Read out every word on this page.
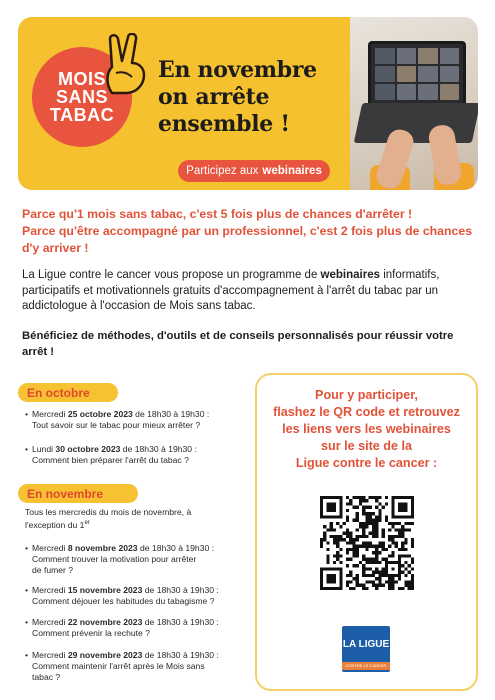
MOIS
SANS
TABAC
En novembre
on arrête
ensemble !
Participez aux webinaires

Parce qu'1 mois sans tabac, c'est 5 fois plus de chances d'arrêter !

Parce qu'être accompagné par un professionnel, c'est 2 fois plus de chances d'y arriver !

La Ligue contre le cancer vous propose un programme de webinaires informatifs, participatifs et motivationnels gratuits d'accompagnement à l'arrêt du tabac par un addictologue à l'occasion de Mois sans tabac.
Bénéficiez de méthodes, d'outils et de conseils personnalisés pour réussir votre arrêt !
En octobre
• Mercredi 25 octobre 2023 de 18h30 à 19h30 :
Tout savoir sur le tabac pour mieux arrêter ?
• Lundi 30 octobre 2023 de 18h30 à 19h30 :
Comment bien préparer l'arrêt du tabac ?
En novembre
Tous les mercredis du mois de novembre, à
l'exception du 1er
• Mercredi 8 novembre 2023 de 18h30 à 19h30 :
Comment trouver la motivation pour arrêter
de fumer ?
• Mercredi 15 novembre 2023 de 18h30 à 19h30 :
Comment déjouer les habitudes du tabagisme ?
• Mercredi 22 novembre 2023 de 18h30 à 19h30 :
Comment prévenir la rechute ?
• Mercredi 29 novembre 2023 de 18h30 à 19h30 :
Comment maintenir l'arrêt après le Mois sans
tabac ?
Pour y participer,
flashez le QR code et retrouvez
les liens vers les webinaires
sur le site de la
Ligue contre le cancer :
LA LIGUE
CONTRE LE CANCER
